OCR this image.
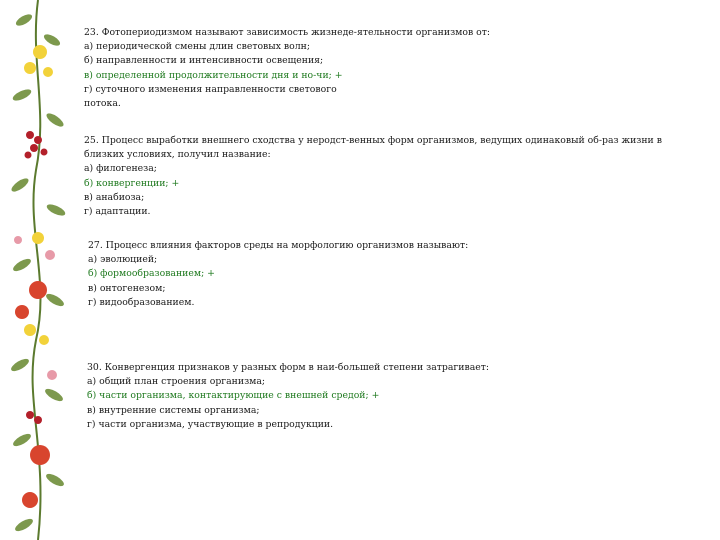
23. Фотопериодизмом называют зависимость жизнеде-ятельности организмов от:

а) периодической смены длин световых волн;

б) направленности и интенсивности освещения;

в) определенной продолжительности дня и но-чи; +

г) суточного изменения направленности светового

потока.

25. Процесс выработки внешнего сходства у неродст-венных форм организмов, ведущих одинаковый об-раз жизни в близких условиях, получил название:

а) филогенеза;

б) конвергенции; +

в) анабиоза;

г) адаптации.

27. Процесс влияния факторов среды на морфологию организмов называют:

а) эволюцией;

б) формообразованием; +

в) онтогенезом;

г) видообразованием.

30. Конвергенция признаков у разных форм в наи-большей степени затрагивает:

а) общий план строения организма;

б) части организма, контактирующие с внешней средой; +

в) внутренние системы организма;

г) части организма, участвующие в репродукции.
